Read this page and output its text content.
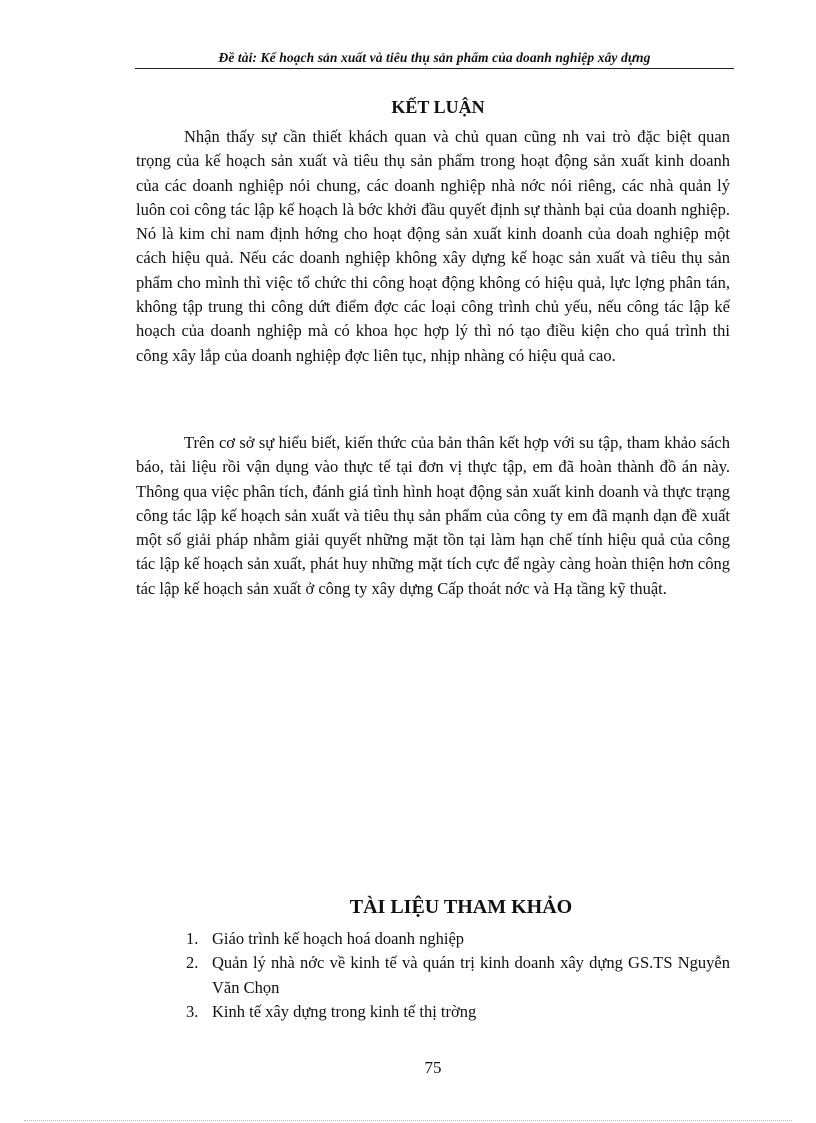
Đề tài: Kế hoạch sản xuất và tiêu thụ sản phẩm của doanh nghiệp xây dựng
KẾT LUẬN

Nhận thấy sự cần thiết khách quan và chủ quan cũng nh vai trò đặc biệt quan trọng của kế hoạch sản xuất và tiêu thụ sản phẩm trong hoạt động sản xuất kinh doanh của các doanh nghiệp nói chung, các doanh nghiệp nhà nớc nói riêng, các nhà quản lý luôn coi công tác lập kế hoạch là bớc khởi đầu quyết định sự thành bại của doanh nghiệp. Nó là kim chỉ nam định hớng cho hoạt động sản xuất kinh doanh của doah nghiệp một cách hiệu quả. Nếu các doanh nghiệp không xây dựng kế hoạc sản xuất và tiêu thụ sản phẩm cho mình thì việc tổ chức thi công hoạt động không có hiệu quả, lực lợng phân tán, không tập trung thi công dứt điểm đợc các loại công trình chủ yếu, nếu công tác lập kế hoạch của doanh nghiệp mà có khoa học hợp lý thì nó tạo điều kiện cho quá trình thi công xây lắp của doanh nghiệp đợc liên tục, nhịp nhàng có hiệu quả cao.

Trên cơ sở sự hiểu biết, kiến thức của bản thân kết hợp với su tập, tham khảo sách báo, tài liệu rồi vận dụng vào thực tế tại đơn vị thực tập, em đã hoàn thành đồ án này. Thông qua việc phân tích, đánh giá tình hình hoạt động sản xuất kinh doanh và thực trạng công tác lập kế hoạch sản xuất và tiêu thụ sản phẩm của công ty em đã mạnh dạn đề xuất một số giải pháp nhằm giải quyết những mặt tồn tại làm hạn chế tính hiệu quả của công tác lập kế hoạch sản xuất, phát huy những mặt tích cực để ngày càng hoàn thiện hơn công tác lập kế hoạch sản xuất ở công ty xây dựng Cấp thoát nớc và Hạ tầng kỹ thuật.

TÀI LIỆU THAM KHẢO
1. Giáo trình kế hoạch hoá doanh nghiệp
2. Quản lý nhà nớc về kinh tế và quán trị kinh doanh xây dựng GS.TS Nguyễn Văn Chọn
3. Kinh tế xây dựng trong kinh tế thị trờng
75
